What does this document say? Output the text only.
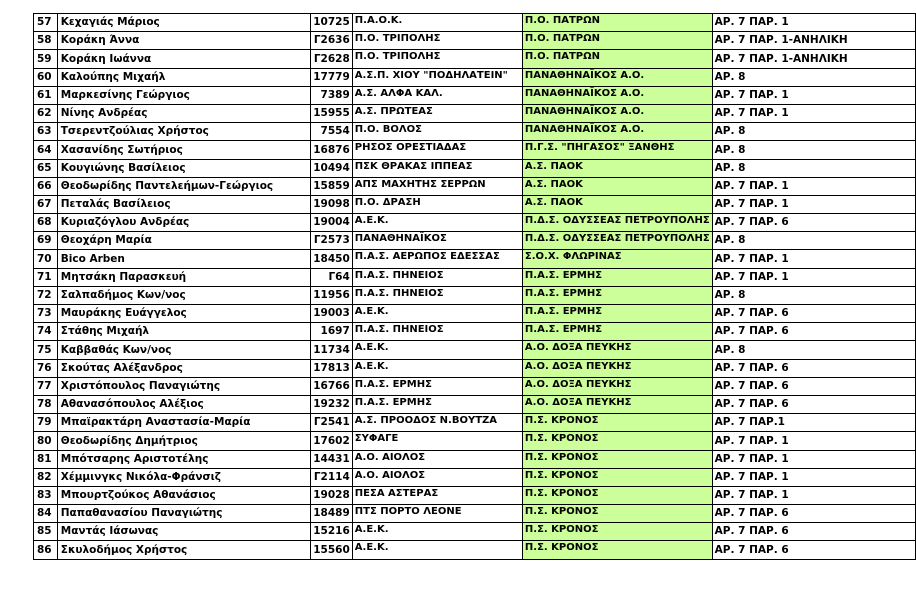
57	Κεχαγιάς Μάριος	10725	Π.Α.Ο.Κ.	Π.Ο. ΠΑΤΡΩΝ	ΑΡ. 7 ΠΑΡ. 1
58	Κοράκη Άννα	Γ2636	Π.Ο. ΤΡΙΠΟΛΗΣ	Π.Ο. ΠΑΤΡΩΝ	ΑΡ. 7 ΠΑΡ. 1-ΑΝΗΛΙΚΗ
59	Κοράκη Ιωάννα	Γ2628	Π.Ο. ΤΡΙΠΟΛΗΣ	Π.Ο. ΠΑΤΡΩΝ	ΑΡ. 7 ΠΑΡ. 1-ΑΝΗΛΙΚΗ
60	Καλούπης Μιχαήλ	17779	Α.Σ.Π. ΧΙΟΥ "ΠΟΔΗΛΑΤΕΙΝ"	ΠΑΝΑΘΗΝΑΪΚΟΣ Α.Ο.	ΑΡ. 8
61	Μαρκεσίνης Γεώργιος	7389	Α.Σ. ΑΛΦΑ ΚΑΛ.	ΠΑΝΑΘΗΝΑΪΚΟΣ Α.Ο.	ΑΡ. 7 ΠΑΡ. 1
62	Νίνης Ανδρέας	15955	Α.Σ. ΠΡΩΤΕΑΣ	ΠΑΝΑΘΗΝΑΪΚΟΣ Α.Ο.	ΑΡ. 7 ΠΑΡ. 1
63	Τσερεντζούλιας Χρήστος	7554	Π.Ο. ΒΟΛΟΣ	ΠΑΝΑΘΗΝΑΪΚΟΣ Α.Ο.	ΑΡ. 8
64	Χασανίδης Σωτήριος	16876	ΡΗΣΟΣ ΟΡΕΣΤΙΑΔΑΣ	Π.Γ.Σ. "ΠΗΓΑΣΟΣ" ΞΑΝΘΗΣ	ΑΡ. 8
65	Κουγιώνης Βασίλειος	10494	ΠΣΚ ΘΡΑΚΑΣ ΙΠΠΕΑΣ	Α.Σ. ΠΑΟΚ	ΑΡ. 8
66	Θεοδωρίδης Παντελεήμων-Γεώργιος	15859	ΑΠΣ ΜΑΧΗΤΗΣ ΣΕΡΡΩΝ	Α.Σ. ΠΑΟΚ	ΑΡ. 7 ΠΑΡ. 1
67	Πεταλάς Βασίλειος	19098	Π.Ο. ΔΡΑΣΗ	Α.Σ. ΠΑΟΚ	ΑΡ. 7 ΠΑΡ. 1
68	Κυριαζόγλου Ανδρέας	19004	Α.Ε.Κ.	Π.Δ.Σ. ΟΔΥΣΣΕΑΣ ΠΕΤΡΟΥΠΟΛΗΣ	ΑΡ. 7 ΠΑΡ. 6
69	Θεοχάρη Μαρία	Γ2573	ΠΑΝΑΘΗΝΑΪΚΟΣ	Π.Δ.Σ. ΟΔΥΣΣΕΑΣ ΠΕΤΡΟΥΠΟΛΗΣ	ΑΡ. 8
70	Bico Arben	18450	Π.Α.Σ. ΑΕΡΩΠΟΣ ΕΔΕΣΣΑΣ	Σ.Ο.Χ. ΦΛΩΡΙΝΑΣ	ΑΡ. 7 ΠΑΡ. 1
71	Μητσάκη Παρασκευή	Γ64	Π.Α.Σ. ΠΗΝΕΙΟΣ	Π.Α.Σ. ΕΡΜΗΣ	ΑΡ. 7 ΠΑΡ. 1
72	Σαλπαδήμος Κων/νος	11956	Π.Α.Σ. ΠΗΝΕΙΟΣ	Π.Α.Σ. ΕΡΜΗΣ	ΑΡ. 8
73	Μαυράκης Ευάγγελος	19003	Α.Ε.Κ.	Π.Α.Σ. ΕΡΜΗΣ	ΑΡ. 7 ΠΑΡ. 6
74	Στάθης Μιχαήλ	1697	Π.Α.Σ. ΠΗΝΕΙΟΣ	Π.Α.Σ. ΕΡΜΗΣ	ΑΡ. 7 ΠΑΡ. 6
75	Καββαθάς Κων/νος	11734	Α.Ε.Κ.	Α.Ο. ΔΟΞΑ ΠΕΥΚΗΣ	ΑΡ. 8
76	Σκούτας Αλέξανδρος	17813	Α.Ε.Κ.	Α.Ο. ΔΟΞΑ ΠΕΥΚΗΣ	ΑΡ. 7 ΠΑΡ. 6
77	Χριστόπουλος Παναγιώτης	16766	Π.Α.Σ. ΕΡΜΗΣ	Α.Ο. ΔΟΞΑ ΠΕΥΚΗΣ	ΑΡ. 7 ΠΑΡ. 6
78	Αθανασόπουλος Αλέξιος	19232	Π.Α.Σ. ΕΡΜΗΣ	Α.Ο. ΔΟΞΑ ΠΕΥΚΗΣ	ΑΡ. 7 ΠΑΡ. 6
79	Μπαϊρακτάρη Αναστασία-Μαρία	Γ2541	Α.Σ. ΠΡΟΟΔΟΣ Ν.ΒΟΥΤΖΑ	Π.Σ. ΚΡΟΝΟΣ	ΑΡ. 7 ΠΑΡ.1
80	Θεοδωρίδης Δημήτριος	17602	ΣΥΦΑΓΕ	Π.Σ. ΚΡΟΝΟΣ	ΑΡ. 7 ΠΑΡ. 1
81	Μπότσαρης Αριστοτέλης	14431	Α.Ο. ΑΙΟΛΟΣ	Π.Σ. ΚΡΟΝΟΣ	ΑΡ. 7 ΠΑΡ. 1
82	Χέμμινγκς Νικόλα-Φράνσιζ	Γ2114	Α.Ο. ΑΙΟΛΟΣ	Π.Σ. ΚΡΟΝΟΣ	ΑΡ. 7 ΠΑΡ. 1
83	Μπουρτζούκος Αθανάσιος	19028	ΠΕΣΑ ΑΣΤΕΡΑΣ	Π.Σ. ΚΡΟΝΟΣ	ΑΡ. 7 ΠΑΡ. 1
84	Παπαθανασίου Παναγιώτης	18489	ΠΤΣ ΠΟΡΤΟ ΛΕΟΝΕ	Π.Σ. ΚΡΟΝΟΣ	ΑΡ. 7 ΠΑΡ. 6
85	Μαντάς Ιάσωνας	15216	Α.Ε.Κ.	Π.Σ. ΚΡΟΝΟΣ	ΑΡ. 7 ΠΑΡ. 6
86	Σκυλοδήμος Χρήστος	15560	Α.Ε.Κ.	Π.Σ. ΚΡΟΝΟΣ	ΑΡ. 7 ΠΑΡ. 6
